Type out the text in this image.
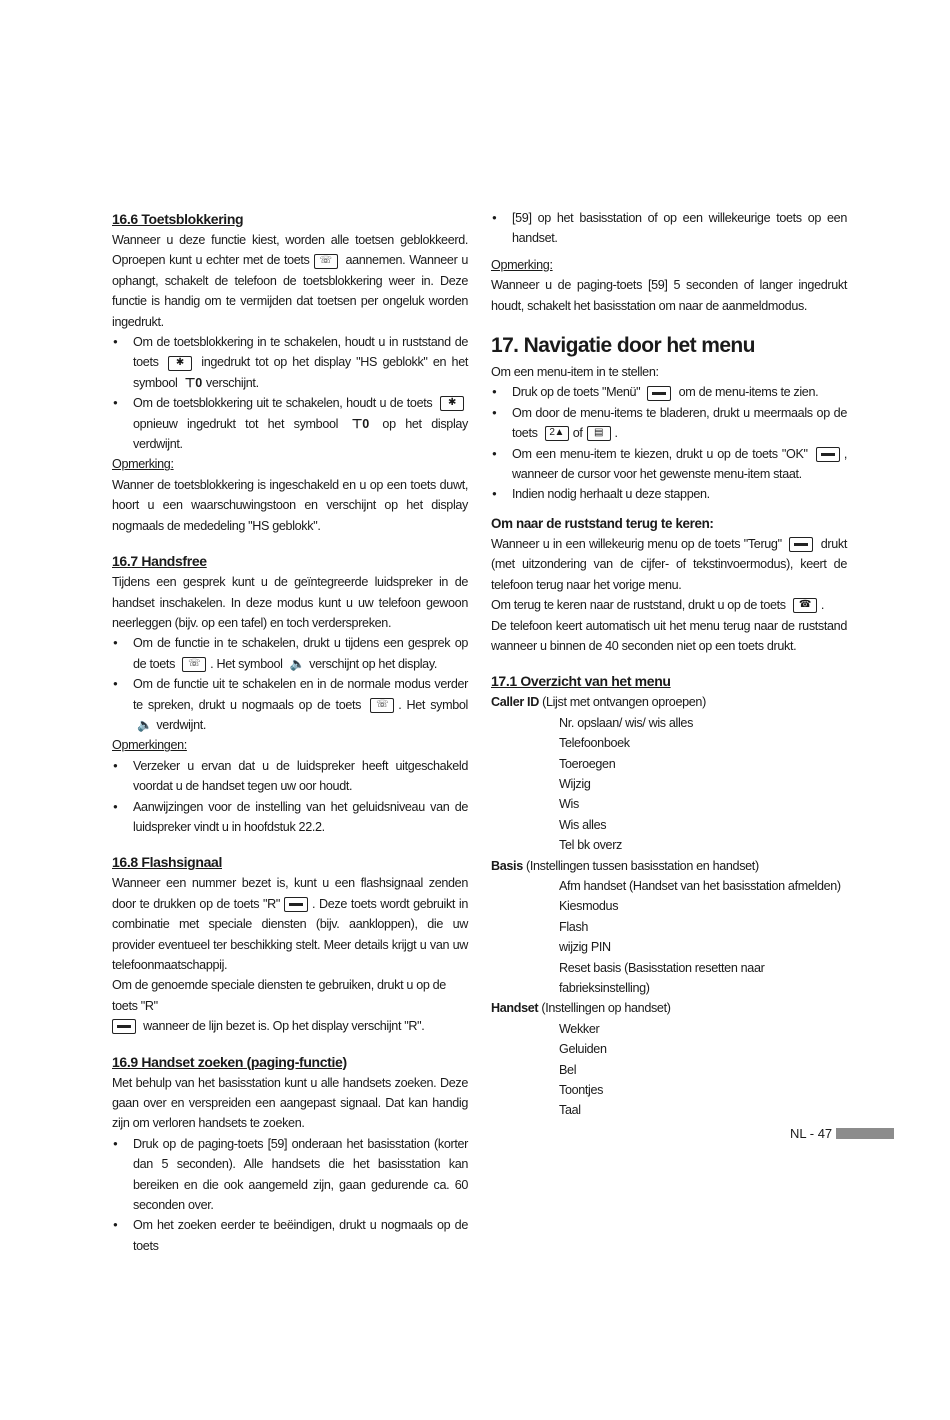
16.6 Toetsblokkering

Wanneer u deze functie kiest, worden alle toetsen geblokkeerd. Oproepen kunt u echter met de toets ☏ aannemen. Wanneer u ophangt, schakelt de telefoon de toetsblokkering weer in. Deze functie is handig om te vermijden dat toetsen per ongeluk worden ingedrukt.

● Om de toetsblokkering in te schakelen, houdt u in ruststand de toets ✱ ingedrukt tot op het display "HS geblokk" en het symbool ⊤0 verschijnt.
● Om de toetsblokkering uit te schakelen, houdt u de toets ✱ opnieuw ingedrukt tot het symbool ⊤0 op het display verdwijnt.

Opmerking:

Wanner de toetsblokkering is ingeschakeld en u op een toets duwt, hoort u een waarschuwingstoon en verschijnt op het display nogmaals de mededeling "HS geblokk".

16.7 Handsfree

Tijdens een gesprek kunt u de geïntegreerde luidspreker in de handset inschakelen. In deze modus kunt u uw telefoon gewoon neerleggen (bijv. op een tafel) en toch verderspreken.

● Om de functie in te schakelen, drukt u tijdens een gesprek op de toets ☏ . Het symbool 🔈 verschijnt op het display.
● Om de functie uit te schakelen en in de normale modus verder te spreken, drukt u nogmaals op de toets ☏ . Het symbol 🔈 verdwijnt.

Opmerkingen:

● Verzeker u ervan dat u de luidspreker heeft uitgeschakeld voordat u de handset tegen uw oor houdt.
● Aanwijzingen voor de instelling van het geluidsniveau van de luidspreker vindt u in hoofdstuk 22.2.
16.8 Flashsignaal

Wanneer een nummer bezet is, kunt u een flashsignaal zenden door te drukken op de toets "R"	. Deze toets wordt gebruikt in combinatie met speciale diensten (bijv. aankloppen), die uw provider eventueel ter beschikking stelt. Meer details krijgt u van uw telefoonmaatschappij.

Om de genoemde speciale diensten te gebruiken, drukt u op de toets "R"
wanneer de lijn bezet is. Op het display verschijnt "R".

16.9 Handset zoeken (paging-functie)

Met behulp van het basisstation kunt u alle handsets zoeken. Deze gaan over en verspreiden een aangepast signaal. Dat kan handig zijn om verloren handsets te zoeken.

● Druk op de paging-toets [59] onderaan het basisstation (korter dan 5 seconden). Alle handsets die het basisstation kan bereiken en die ook aangemeld zijn, gaan gedurende ca. 60 seconden over.
● Om het zoeken eerder te beëindigen, drukt u nogmaals op de toets
● [59] op het basisstation of op een willekeurige toets op een handset.

Opmerking:

Wanneer u de paging-toets [59] 5 seconden of langer ingedrukt houdt, schakelt het basisstation om naar de aanmeldmodus.

17. Navigatie door het menu

Om een menu-item in te stellen:

● Druk op de toets "Menü"	om de menu-items te zien.
● Om door de menu-items te bladeren, drukt u meermaals op de toets 2▲ of ▤ .
● Om een menu-item te kiezen, drukt u op de toets "OK"	, wanneer de cursor voor het gewenste menu-item staat.
● Indien nodig herhaalt u deze stappen.
Om naar de ruststand terug te keren:

Wanneer u in een willekeurig menu op de toets "Terug"	drukt (met uitzondering van de cijfer- of tekstinvoermodus), keert de telefoon terug naar het vorige menu.

Om terug te keren naar de ruststand, drukt u op de toets ☎ .

De telefoon keert automatisch uit het menu terug naar de ruststand wanneer u binnen de 40 seconden niet op een toets drukt.

17.1 Overzicht van het menu
Caller ID (Lijst met ontvangen oproepen)
Nr. opslaan/ wis/ wis alles
Telefoonboek
Toeroegen
Wijzig
Wis
Wis alles
Tel bk overz
Basis (Instellingen tussen basisstation en handset)
Afm handset (Handset van het basisstation afmelden)
Kiesmodus
Flash
wijzig PIN
Reset basis (Basisstation resetten naar fabrieksinstelling)
Handset (Instellingen op handset)
Wekker
Geluiden
Bel
Toontjes
Taal
NL - 47
